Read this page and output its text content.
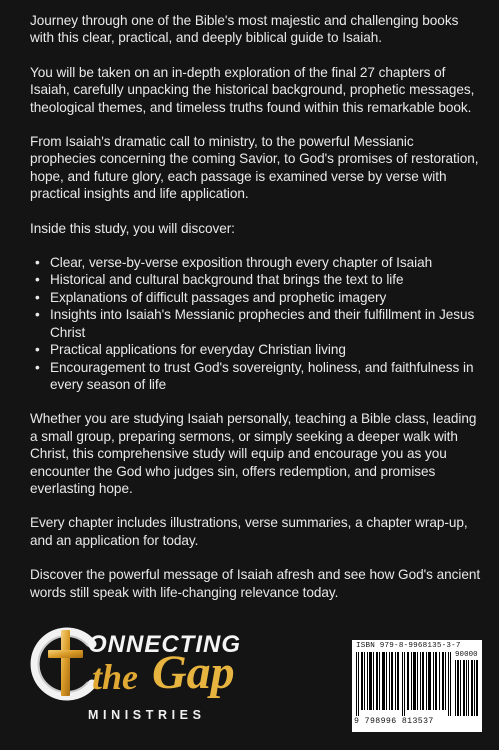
Journey through one of the Bible's most majestic and challenging books with this clear, practical, and deeply biblical guide to Isaiah.

You will be taken on an in-depth exploration of the final 27 chapters of Isaiah, carefully unpacking the historical background, prophetic messages, theological themes, and timeless truths found within this remarkable book.

From Isaiah's dramatic call to ministry, to the powerful Messianic prophecies concerning the coming Savior, to God's promises of restoration, hope, and future glory, each passage is examined verse by verse with practical insights and life application.

Inside this study, you will discover:

• Clear, verse-by-verse exposition through every chapter of Isaiah
• Historical and cultural background that brings the text to life
• Explanations of difficult passages and prophetic imagery
• Insights into Isaiah's Messianic prophecies and their fulfillment in Jesus Christ
• Practical applications for everyday Christian living
• Encouragement to trust God's sovereignty, holiness, and faithfulness in every season of life

Whether you are studying Isaiah personally, teaching a Bible class, leading a small group, preparing sermons, or simply seeking a deeper walk with Christ, this comprehensive study will equip and encourage you as you encounter the God who judges sin, offers redemption, and promises everlasting hope.

Every chapter includes illustrations, verse summaries, a chapter wrap-up, and an application for today.

Discover the powerful message of Isaiah afresh and see how God's ancient words still speak with life-changing relevance today.

ONNECTING
the Gap
MINISTRIES
ISBN 979-8-9968135-3-7
90000
9 798996 813537
